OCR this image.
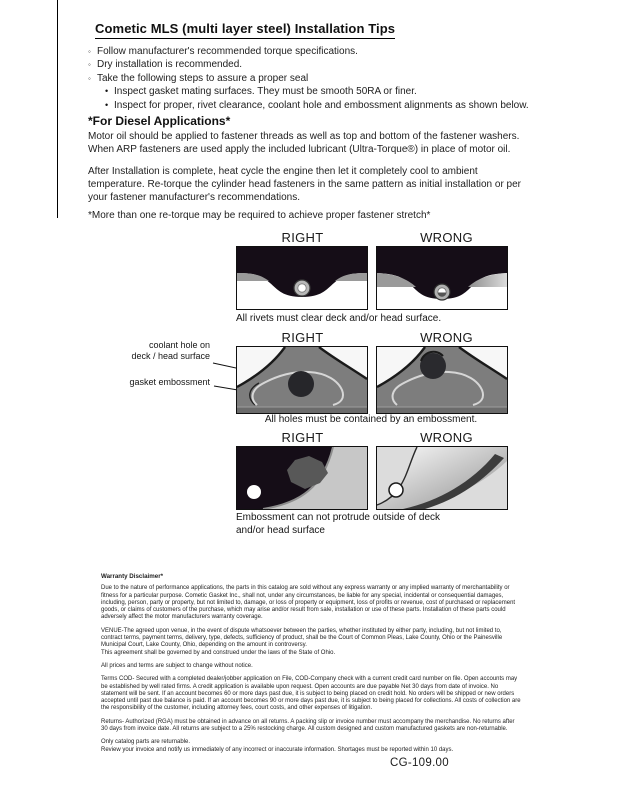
Cometic MLS (multi layer steel) Installation Tips
◦ Follow manufacturer's recommended torque specifications.
◦ Dry installation is recommended.
◦ Take the following steps to assure a proper seal
• Inspect gasket mating surfaces. They must be smooth 50RA or finer.
• Inspect for proper, rivet clearance, coolant hole and embossment alignments as shown below.
*For Diesel Applications*
Motor oil should be applied to fastener threads as well as top and bottom of the fastener washers. When ARP fasteners are used apply the included lubricant (Ultra-Torque®) in place of motor oil.
After Installation is complete, heat cycle the engine then let it completely cool to ambient temperature. Re-torque the cylinder head fasteners in the same pattern as initial installation or per your fastener manufacturer's recommendations.
*More than one re-torque may be required to achieve proper fastener stretch*
RIGHT	WRONG
All rivets must clear deck and/or head surface.
RIGHT	WRONG
coolant hole on
deck / head surface
gasket embossment
All holes must be contained by an embossment.
RIGHT	WRONG
Embossment can not protrude outside of deck
and/or head surface
Warranty Disclaimer*

Due to the nature of performance applications, the parts in this catalog are sold without any express warranty or any implied warranty of merchantability or fitness for a particular purpose. Cometic Gasket Inc., shall not, under any circumstances, be liable for any special, incidental or consequential damages, including, person, party or property, but not limited to, damage, or loss of property or equipment, loss of profits or revenue, cost of purchased or replacement goods, or claims of customers of the purchase, which may arise and/or result from sale, installation or use of these parts. Installation of these parts could adversely affect the motor manufacturers warranty coverage.

VENUE-The agreed upon venue, in the event of dispute whatsoever between the parties, whether instituted by either party, including, but not limited to, contract terms, payment terms, delivery, type, defects, sufficiency of product, shall be the Court of Common Pleas, Lake County, Ohio or the Painesville Municipal Court, Lake County, Ohio, depending on the amount in controversy.

This agreement shall be governed by and construed under the laws of the State of Ohio.

All prices and terms are subject to change without notice.

Terms COD- Secured with a completed dealer/jobber application on File, COD-Company check with a current credit card number on file. Open accounts may be established by well rated firms. A credit application is available upon request. Open accounts are due payable Net 30 days from date of invoice. No statement will be sent. If an account becomes 60 or more days past due, it is subject to being placed on credit hold. No orders will be shipped or new orders accepted until past due balance is paid. If an account becomes 90 or more days past due, it is subject to being placed for collections. All costs of collection are the responsibility of the customer, including attorney fees, court costs, and other expenses of litigation.

Returns- Authorized (RGA) must be obtained in advance on all returns. A packing slip or invoice number must accompany the merchandise. No returns after 30 days from invoice date. All returns are subject to a 25% restocking charge. All custom designed and custom manufactured gaskets are non-returnable.

Only catalog parts are returnable.

Review your invoice and notify us immediately of any incorrect or inaccurate information. Shortages must be reported within 10 days.

CG-109.00
